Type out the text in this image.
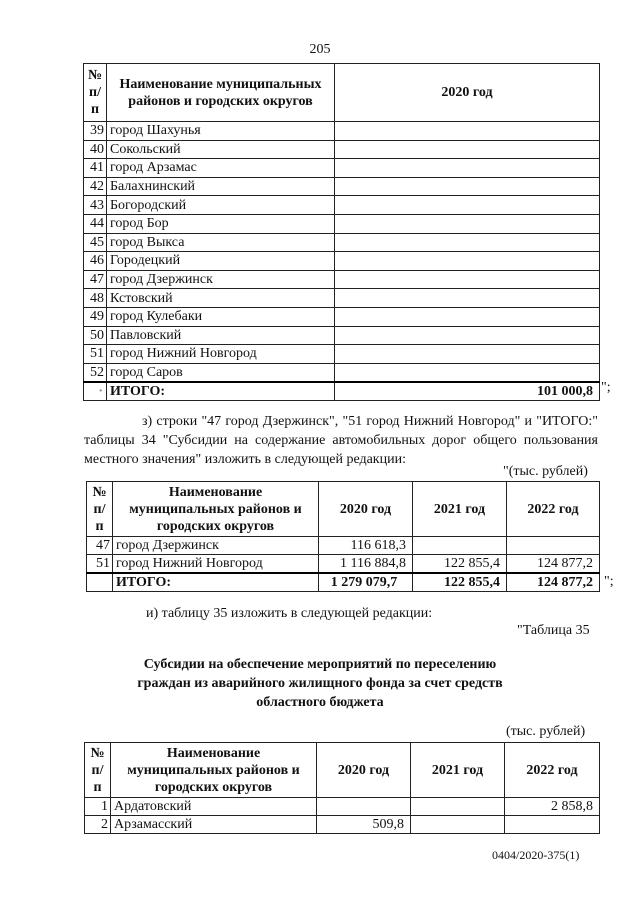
205
№ п/п	Наименование муниципальных районов и городских округов	2020 год
39	город Шахунья	
40	Сокольский	
41	город Арзамас	
42	Балахнинский	
43	Богородский	
44	город Бор	
45	город Выкса	
46	Городецкий	
47	город Дзержинск	
48	Кстовский	
49	город Кулебаки	
50	Павловский	
51	город Нижний Новгород	
52	город Саров	
·	ИТОГО:	101 000,8 ";
з) строки "47 город Дзержинск", "51 город Нижний Новгород" и "ИТОГО:" таблицы 34 "Субсидии на содержание автомобильных дорог общего пользования местного значения" изложить в следующей редакции:
"(тыс. рублей)
№ п/п	Наименование муниципальных районов и городских округов	2020 год	2021 год	2022 год
47	город Дзержинск	116 618,3		
51	город Нижний Новгород	1 116 884,8	122 855,4	124 877,2
	ИТОГО:	1 279 079,7	122 855,4	124 877,2 ";
и) таблицу 35 изложить в следующей редакции:
"Таблица 35
Субсидии на обеспечение мероприятий по переселению
граждан из аварийного жилищного фонда за счет средств
областного бюджета
(тыс. рублей)
№ п/п	Наименование муниципальных районов и городских округов	2020 год	2021 год	2022 год
1	Ардатовский			2 858,8
2	Арзамасский	509,8		
0404/2020-375(1)
